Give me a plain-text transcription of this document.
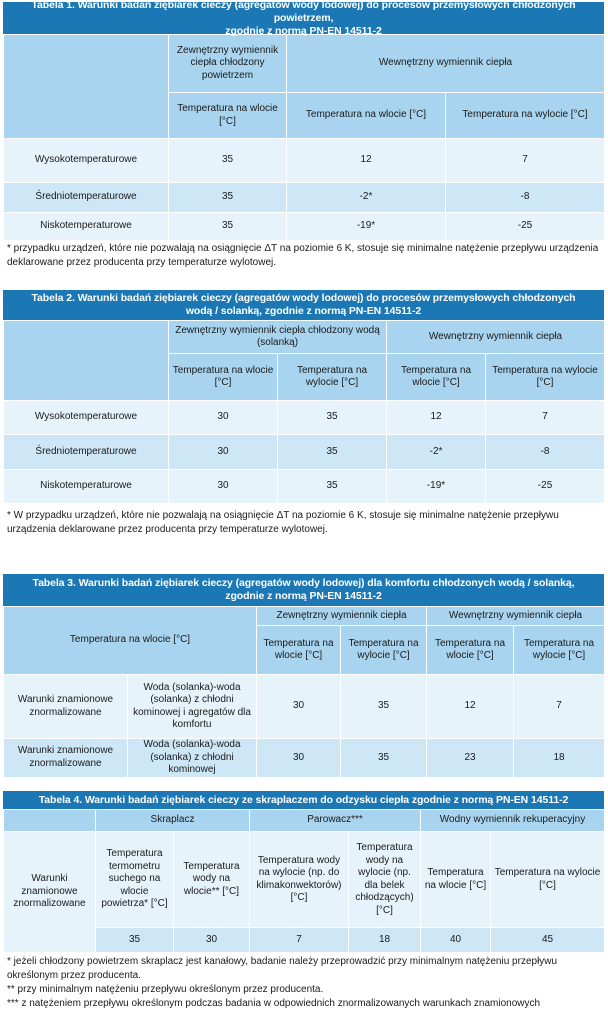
Tabela 1. Warunki badań ziębiarek cieczy (agregatów wody lodowej) do procesów przemysłowych chłodzonych powietrzem,
zgodnie z normą PN-EN 14511-2
	Zewnętrzny wymiennik ciepła chłodzony powietrzem	Wewnętrzny wymiennik ciepła	
	Temperatura na wlocie [°C]	Temperatura na wlocie [°C]	Temperatura na wylocie [°C]
Wysokotemperaturowe	35	12	7
Średniotemperaturowe	35	-2*	-8
Niskotemperaturowe	35	-19*	-25

* przypadku urządzeń, które nie pozwalają na osiągnięcie ΔT na poziomie 6 K, stosuje się minimalne natężenie przepływu urządzenia deklarowane przez producenta przy temperaturze wylotowej.

Tabela 2. Warunki badań ziębiarek cieczy (agregatów wody lodowej) do procesów przemysłowych chłodzonych
wodą / solanką, zgodnie z normą PN-EN 14511-2
	Zewnętrzny wymiennik ciepła chłodzony wodą (solanką)		Wewnętrzny wymiennik ciepła	
	Temperatura na wlocie [°C]	Temperatura na wylocie [°C]	Temperatura na wlocie [°C]	Temperatura na wylocie [°C]
Wysokotemperaturowe	30	35	12	7
Średniotemperaturowe	30	35	-2*	-8
Niskotemperaturowe	30	35	-19*	-25

* W przypadku urządzeń, które nie pozwalają na osiągnięcie ΔT na poziomie 6 K, stosuje się minimalne natężenie przepływu urządzenia deklarowane przez producenta przy temperaturze wylotowej.

Tabela 3. Warunki badań ziębiarek cieczy (agregatów wody lodowej) dla komfortu chłodzonych wodą / solanką,
zgodnie z normą PN-EN 14511-2
Temperatura na wlocie [°C]		Zewnętrzny wymiennik ciepła		Wewnętrzny wymiennik ciepła	
		Temperatura na wlocie [°C]	Temperatura na wylocie [°C]	Temperatura na wlocie [°C]	Temperatura na wylocie [°C]
Warunki znamionowe znormalizowane	Woda (solanka)-woda (solanka) z chłodni kominowej i agregatów dla komfortu	30	35	12	7
Warunki znamionowe znormalizowane	Woda (solanka)-woda (solanka) z chłodni kominowej	30	35	23	18
Tabela 4. Warunki badań ziębiarek cieczy ze skraplaczem do odzysku ciepła zgodnie z normą PN-EN 14511-2
	Skraplacz		Parowacz***		Wodny wymiennik rekuperacyjny	
Warunki znamionowe znormalizowane	Temperatura termometru suchego na wlocie powietrza* [°C]	Temperatura wody na wlocie** [°C]	Temperatura wody na wylocie (np. do klimakonwektorów) [°C]	Temperatura wody na wylocie (np. dla belek chłodzących) [°C]	Temperatura na wlocie [°C]	Temperatura na wylocie [°C]
	35	30	7	18	40	45

* jeżeli chłodzony powietrzem skraplacz jest kanałowy, badanie należy przeprowadzić przy minimalnym natężeniu przepływu określonym przez producenta.

** przy minimalnym natężeniu przepływu określonym przez producenta.

*** z natężeniem przepływu określonym podczas badania w odpowiednich znormalizowanych warunkach znamionowych
